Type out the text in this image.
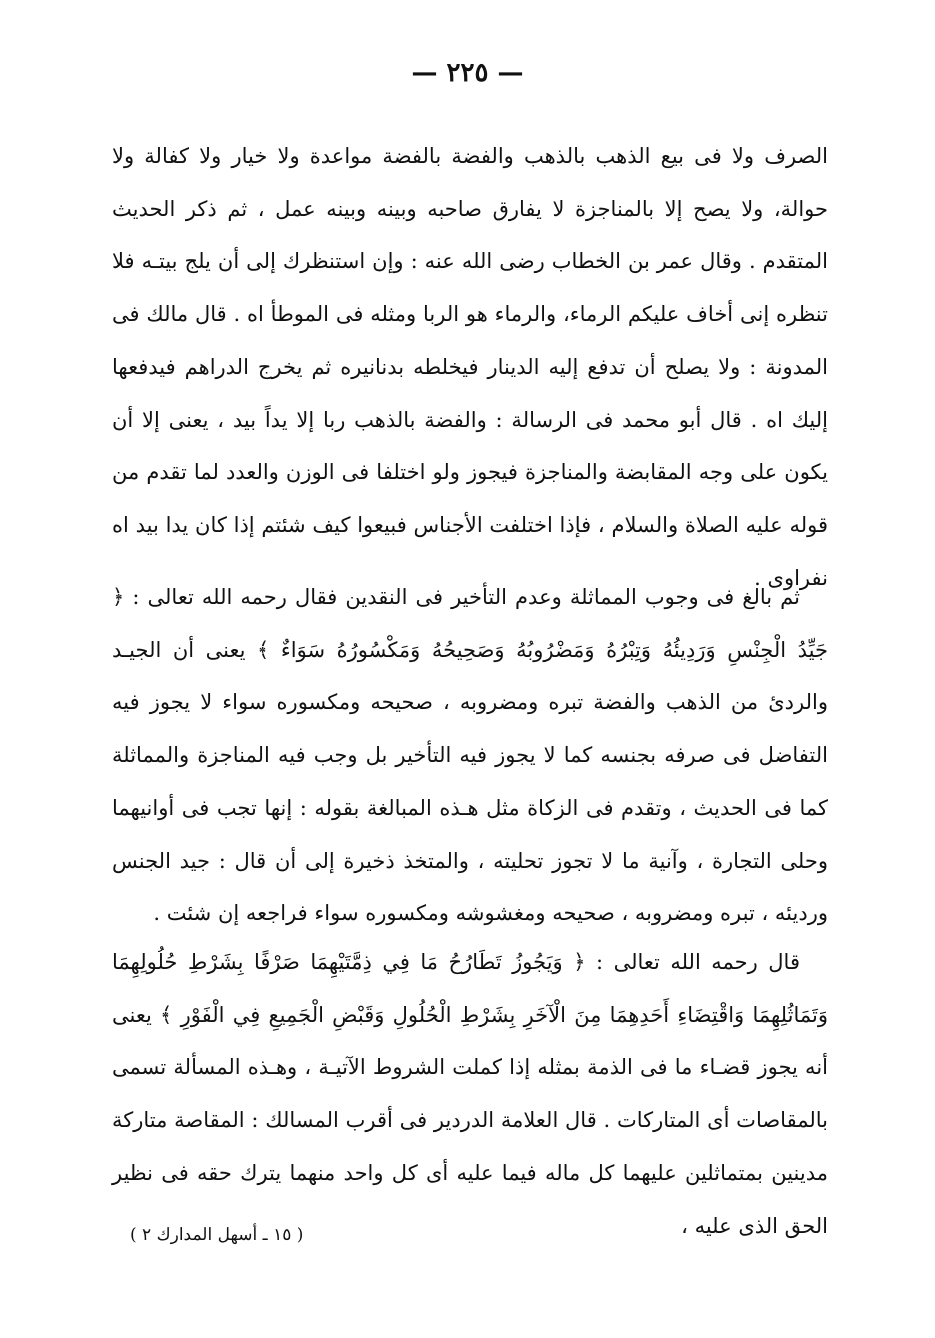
— ٢٢٥ —

الصرف ولا فى بيع الذهب بالذهب والفضة بالفضة مواعدة ولا خيار ولا كفالة ولا حوالة، ولا يصح إلا بالمناجزة لا يفارق صاحبه وبينه وبينه عمل ، ثم ذكر الحديث المتقدم . وقال عمر بن الخطاب رضى الله عنه : وإن استنظرك إلى أن يلج بيتـه فلا تنظره إنى أخاف عليكم الرماء، والرماء هو الربا ومثله فى الموطأ اه . قال مالك فى المدونة : ولا يصلح أن تدفع إليه الدينار فيخلطه بدنانيره ثم يخرج الدراهم فيدفعها إليك اه . قال أبو محمد فى الرسالة : والفضة بالذهب ربا إلا يداً بيد ، يعنى إلا أن يكون على وجه المقابضة والمناجزة فيجوز ولو اختلفا فى الوزن والعدد لما تقدم من قوله عليه الصلاة والسلام ، فإذا اختلفت الأجناس فبيعوا كيف شئتم إذا كان يدا بيد اه نفراوى .

ثم بالغ فى وجوب المماثلة وعدم التأخير فى النقدين فقال رحمه الله تعالى : ﴿ جَيِّدُ الْجِنْسِ وَرَدِيئُهُ وَتِبْرُهُ وَمَضْرُوبُهُ وَصَحِيحُهُ وَمَكْسُورُهُ سَوَاءٌ ﴾ يعنى أن الجيـد والردئ من الذهب والفضة تبره ومضروبه ، صحيحه ومكسوره سواء لا يجوز فيه التفاضل فى صرفه بجنسه كما لا يجوز فيه التأخير بل وجب فيه المناجزة والمماثلة كما فى الحديث ، وتقدم فى الزكاة مثل هـذه المبالغة بقوله : إنها تجب فى أوانيهما وحلى التجارة ، وآنية ما لا تجوز تحليته ، والمتخذ ذخيرة إلى أن قال : جيد الجنس ورديئه ، تبره ومضروبه ، صحيحه ومغشوشه ومكسوره سواء فراجعه إن شئت .

قال رحمه الله تعالى : ﴿ وَيَجُوزُ تَطَارُحُ مَا فِي ذِمَّتَيْهِمَا صَرْفًا بِشَرْطِ حُلُولِهِمَا وَتَمَاثُلِهِمَا وَاقْتِضَاءِ أَحَدِهِمَا مِنَ الْآخَرِ بِشَرْطِ الْحُلُولِ وَقَبْضِ الْجَمِيعِ فِي الْفَوْرِ ﴾ يعنى أنه يجوز قضـاء ما فى الذمة بمثله إذا كملت الشروط الآتيـة ، وهـذه المسألة تسمى بالمقاصات أى المتاركات . قال العلامة الدردير فى أقرب المسالك : المقاصة متاركة مدينين بمتماثلين عليهما كل ماله فيما عليه أى كل واحد منهما يترك حقه فى نظير الحق الذى عليه ،

( ١٥ ـ أسهل المدارك ٢ )
